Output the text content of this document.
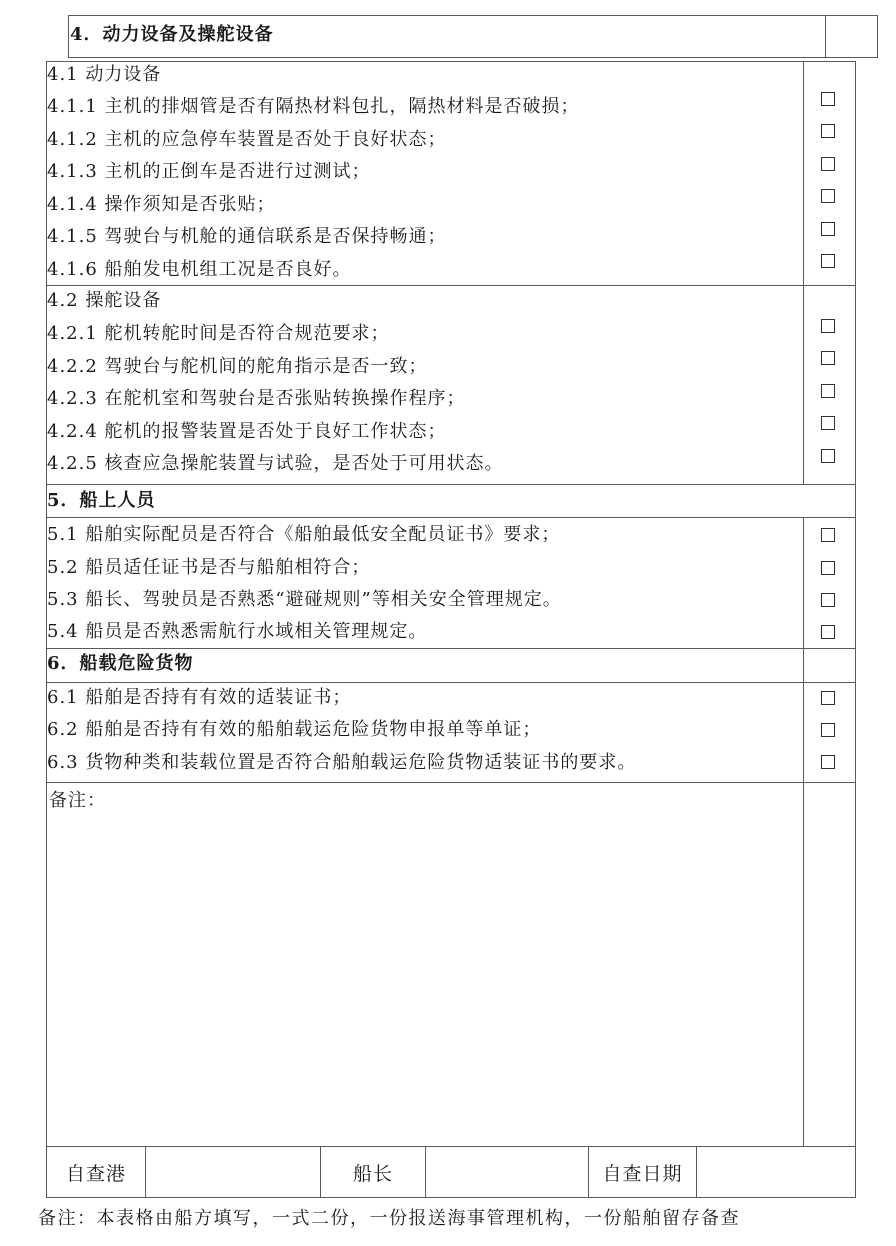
4．动力设备及操舵设备
4.1 动力设备
4.1.1 主机的排烟管是否有隔热材料包扎，隔热材料是否破损；
4.1.2 主机的应急停车装置是否处于良好状态；
4.1.3 主机的正倒车是否进行过测试；
4.1.4 操作须知是否张贴；
4.1.5 驾驶台与机舱的通信联系是否保持畅通；
4.1.6 船舶发电机组工况是否良好。
4.2 操舵设备
4.2.1 舵机转舵时间是否符合规范要求；
4.2.2 驾驶台与舵机间的舵角指示是否一致；
4.2.3 在舵机室和驾驶台是否张贴转换操作程序；
4.2.4 舵机的报警装置是否处于良好工作状态；
4.2.5 核查应急操舵装置与试验，是否处于可用状态。
5．船上人员
5.1 船舶实际配员是否符合《船舶最低安全配员证书》要求；
5.2 船员适任证书是否与船舶相符合；
5.3 船长、驾驶员是否熟悉“避碰规则”等相关安全管理规定。
5.4 船员是否熟悉需航行水域相关管理规定。
6．船载危险货物
6.1 船舶是否持有有效的适装证书；
6.2 船舶是否持有有效的船舶载运危险货物申报单等单证；
6.3 货物种类和装载位置是否符合船舶载运危险货物适装证书的要求。
备注：
自查港	船长	自查日期
备注：本表格由船方填写，一式二份，一份报送海事管理机构，一份船舶留存备查
